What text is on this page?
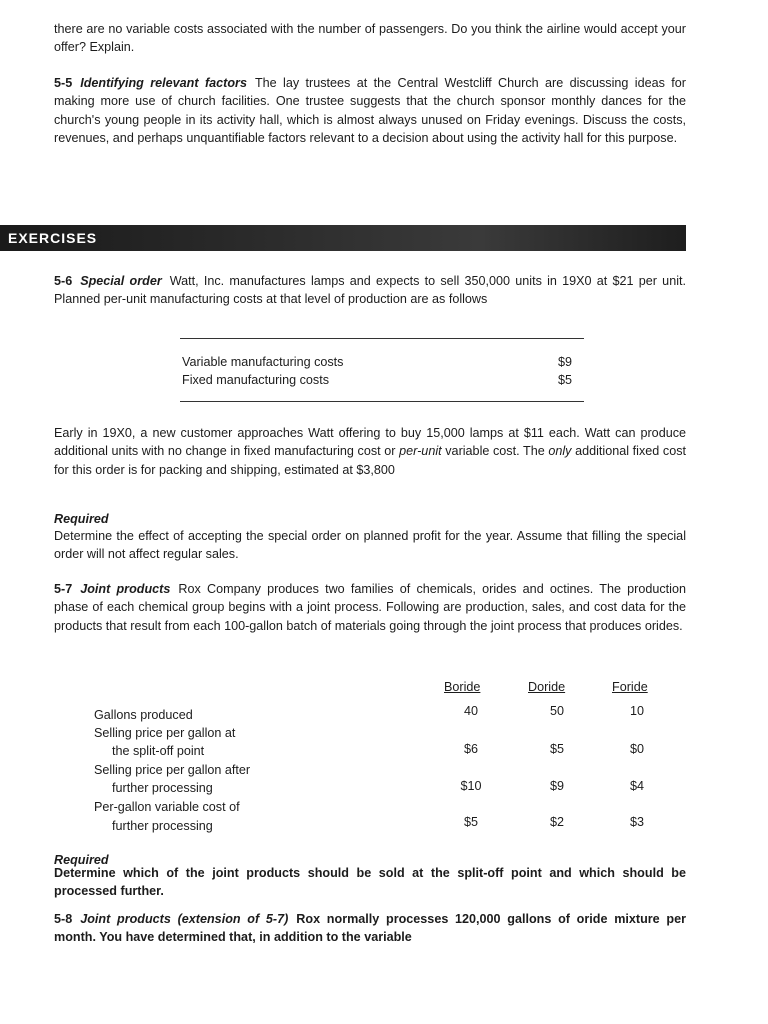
there are no variable costs associated with the number of passengers. Do you think the airline would accept your offer? Explain.

5-5 Identifying relevant factors The lay trustees at the Central Westcliff Church are discussing ideas for making more use of church facilities. One trustee suggests that the church sponsor monthly dances for the church's young people in its activity hall, which is almost always unused on Friday evenings. Discuss the costs, revenues, and perhaps unquantifiable factors relevant to a decision about using the activity hall for this purpose.

EXERCISES

5-6 Special order Watt, Inc. manufactures lamps and expects to sell 350,000 units in 19X0 at $21 per unit. Planned per-unit manufacturing costs at that level of production are as follows

Variable manufacturing costs	$9
Fixed manufacturing costs	$5

Early in 19X0, a new customer approaches Watt offering to buy 15,000 lamps at $11 each. Watt can produce additional units with no change in fixed manufacturing cost or per-unit variable cost. The only additional fixed cost for this order is for packing and shipping, estimated at $3,800

Required

Determine the effect of accepting the special order on planned profit for the year. Assume that filling the special order will not affect regular sales.

5-7 Joint products Rox Company produces two families of chemicals, orides and octines. The production phase of each chemical group begins with a joint process. Following are production, sales, and cost data for the products that result from each 100-gallon batch of materials going through the joint process that produces orides.

Boride	Doride	Foride
Gallons produced	40	50	10
Selling price per gallon at
the split-off point	$6	$5	$0
Selling price per gallon after
further processing	$10	$9	$4
Per-gallon variable cost of
further processing	$5	$2	$3

Required

Determine which of the joint products should be sold at the split-off point and which should be processed further.

5-8 Joint products (extension of 5-7) Rox normally processes 120,000 gallons of oride mixture per month. You have determined that, in addition to the variable
